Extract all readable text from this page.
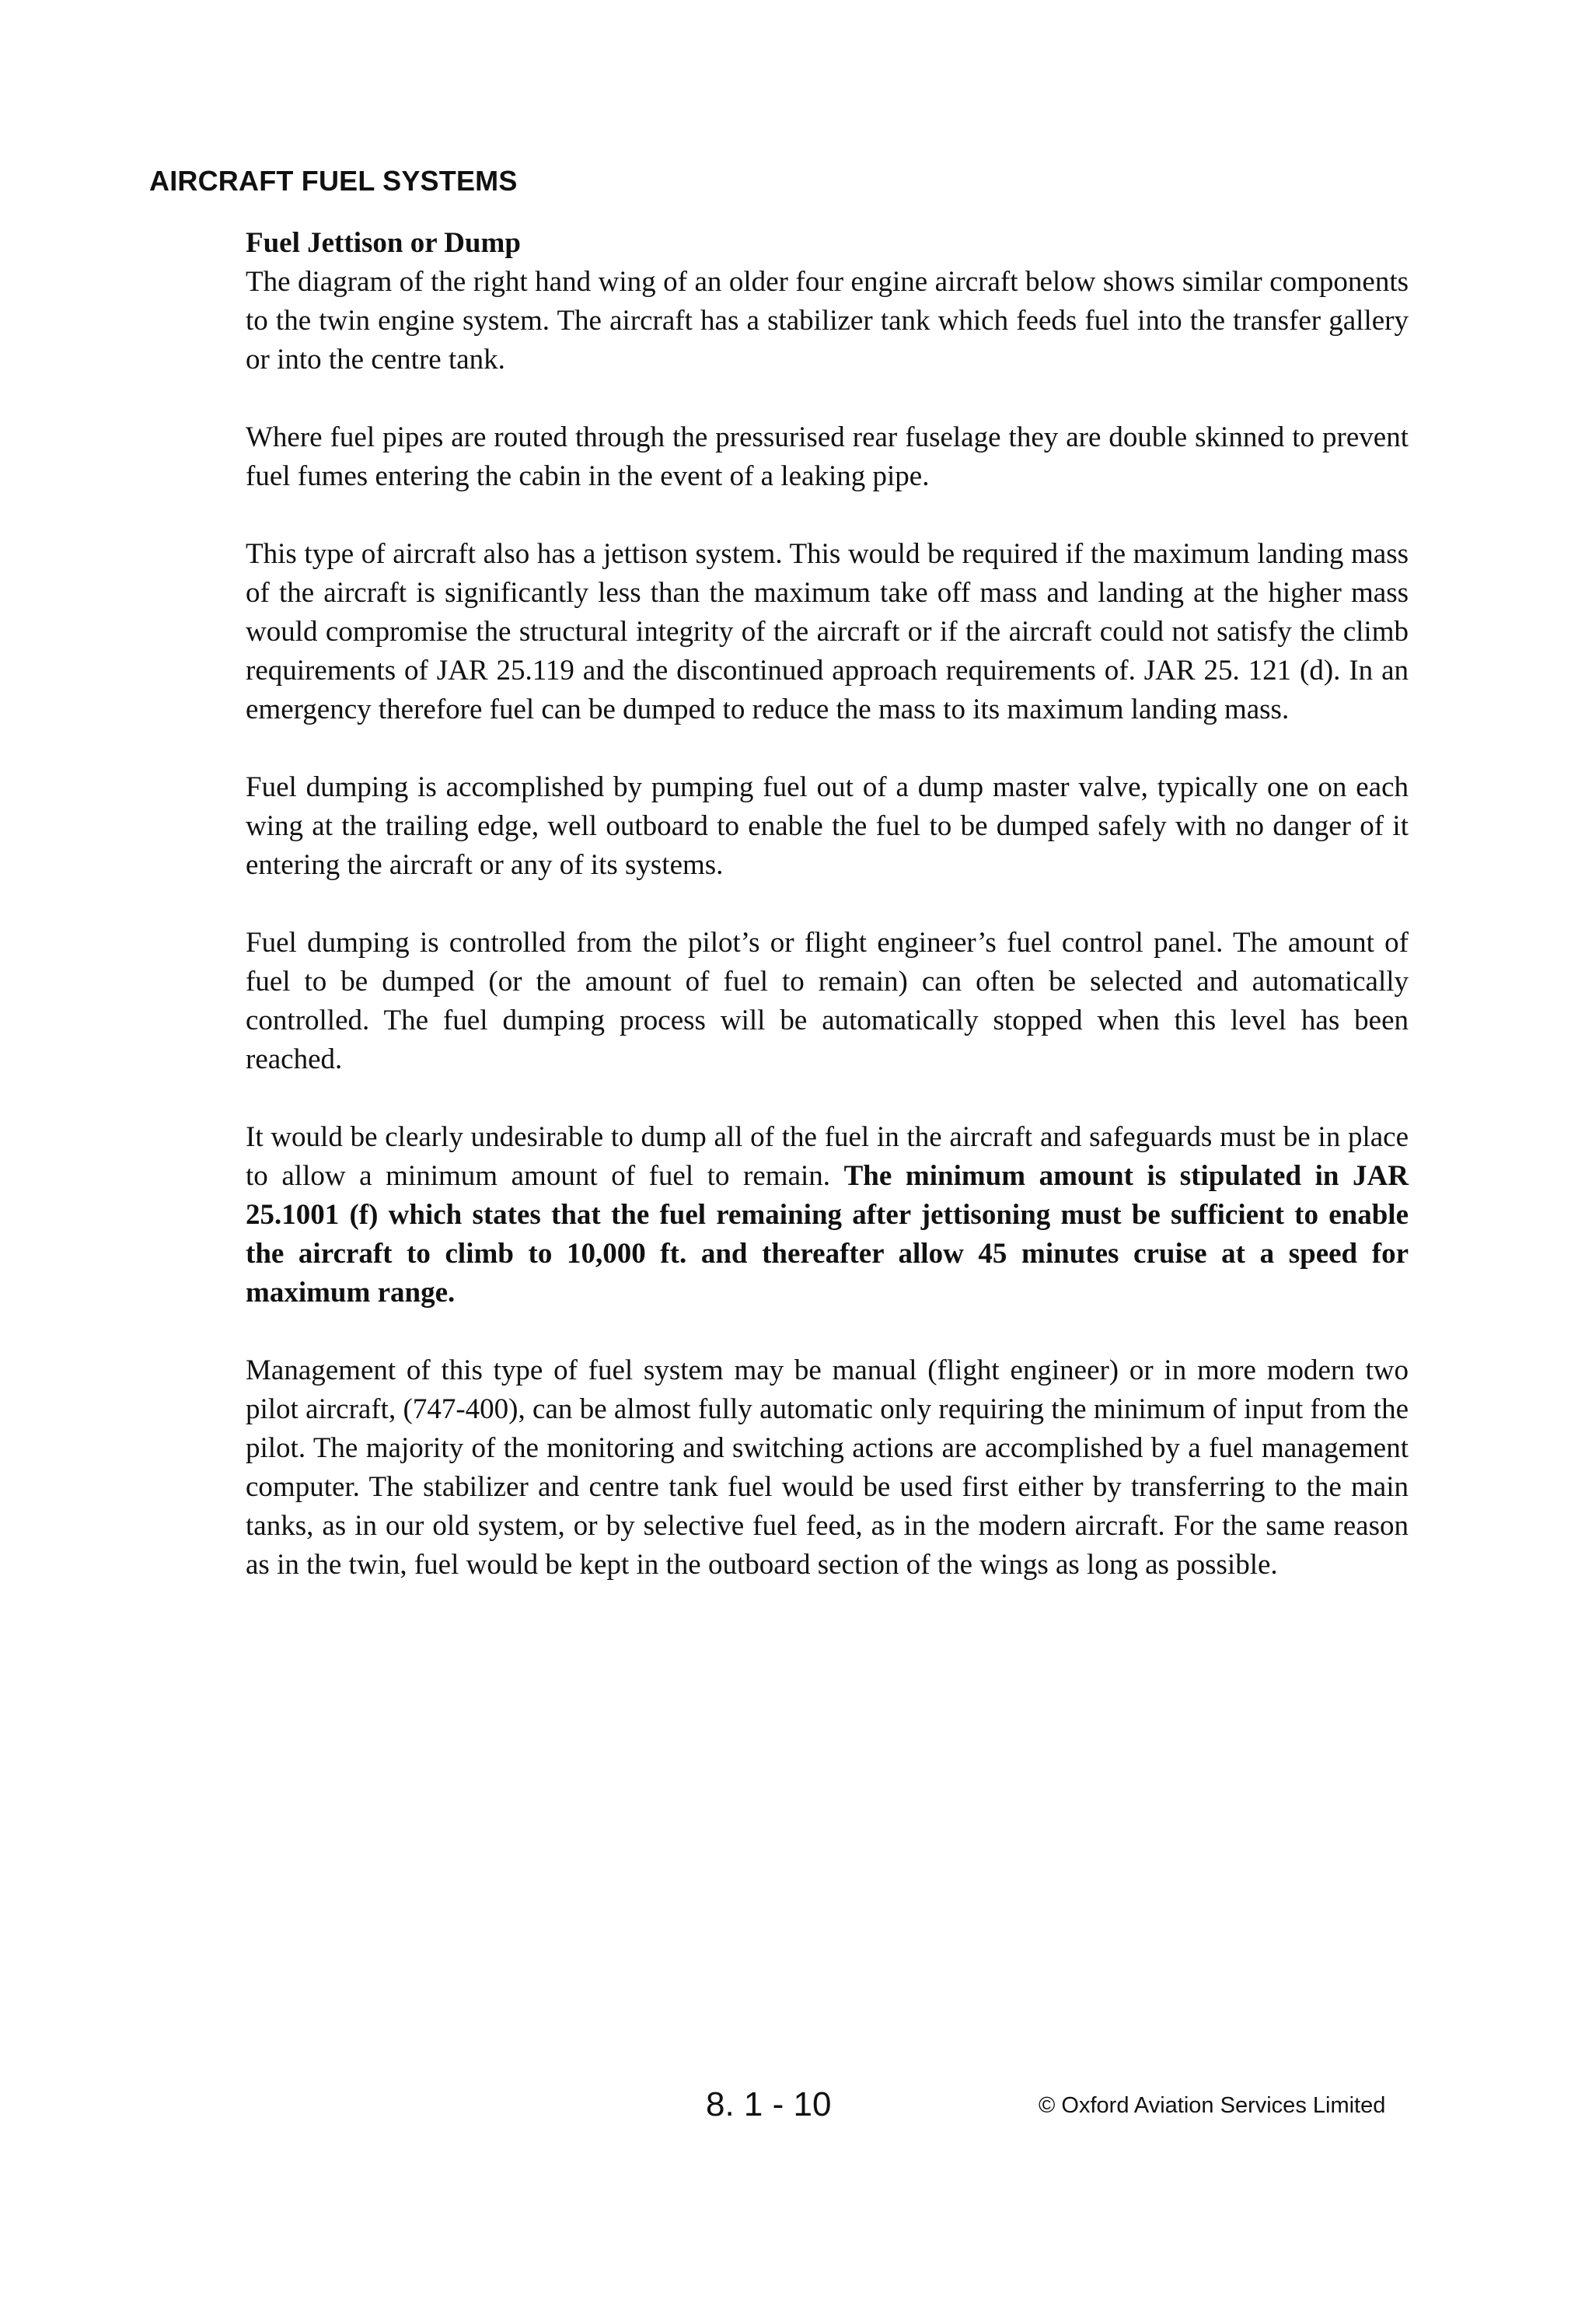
AIRCRAFT FUEL SYSTEMS

Fuel Jettison or Dump

The diagram of the right hand wing of an older four engine aircraft below shows similar components to the twin engine system. The aircraft has a stabilizer tank which feeds fuel into the transfer gallery or into the centre tank.

Where fuel pipes are routed through the pressurised rear fuselage they are double skinned to prevent fuel fumes entering the cabin in the event of a leaking pipe.

This type of aircraft also has a jettison system. This would be required if the maximum landing mass of the aircraft is significantly less than the maximum take off mass and landing at the higher mass would compromise the structural integrity of the aircraft or if the aircraft could not satisfy the climb requirements of JAR 25.119 and the discontinued approach requirements of. JAR 25. 121 (d). In an emergency therefore fuel can be dumped to reduce the mass to its maximum landing mass.

Fuel dumping is accomplished by pumping fuel out of a dump master valve, typically one on each wing at the trailing edge, well outboard to enable the fuel to be dumped safely with no danger of it entering the aircraft or any of its systems.

Fuel dumping is controlled from the pilot’s or flight engineer’s fuel control panel. The amount of fuel to be dumped (or the amount of fuel to remain) can often be selected and automatically controlled. The fuel dumping process will be automatically stopped when this level has been reached.

It would be clearly undesirable to dump all of the fuel in the aircraft and safeguards must be in place to allow a minimum amount of fuel to remain. The minimum amount is stipulated in JAR 25.1001 (f) which states that the fuel remaining after jettisoning must be sufficient to enable the aircraft to climb to 10,000 ft. and thereafter allow 45 minutes cruise at a speed for maximum range.

Management of this type of fuel system may be manual (flight engineer) or in more modern two pilot aircraft, (747-400), can be almost fully automatic only requiring the minimum of input from the pilot. The majority of the monitoring and switching actions are accomplished by a fuel management computer. The stabilizer and centre tank fuel would be used first either by transferring to the main tanks, as in our old system, or by selective fuel feed, as in the modern aircraft. For the same reason as in the twin, fuel would be kept in the outboard section of the wings as long as possible.

8. 1 - 10	© Oxford Aviation Services Limited
